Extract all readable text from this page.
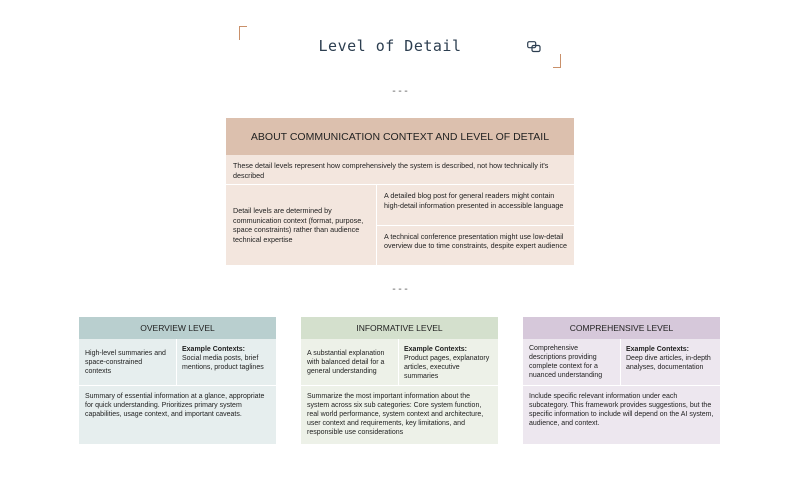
Level of Detail
---
ABOUT COMMUNICATION CONTEXT AND LEVEL OF DETAIL
These detail levels represent how comprehensively the system is described, not how technically it's described
Detail levels are determined by communication context (format, purpose, space constraints) rather than audience technical expertise
A detailed blog post for general readers might contain high-detail information presented in accessible language
A technical conference presentation might use low-detail overview due to time constraints, despite expert audience
---
OVERVIEW LEVEL
High-level summaries and space-constrained contexts
Example Contexts:
Social media posts, brief mentions, product taglines
Summary of essential information at a glance, appropriate for quick understanding. Prioritizes primary system capabilities, usage context, and important caveats.
INFORMATIVE LEVEL
A substantial explanation with balanced detail for a general understanding
Example Contexts:
Product pages, explanatory articles, executive summaries
Summarize the most important information about the system across six sub categories: Core system function, real world performance, system context and architecture, user context and requirements, key limitations, and responsible use considerations
COMPREHENSIVE LEVEL
Comprehensive descriptions providing complete context for a nuanced understanding
Example Contexts:
Deep dive articles, in-depth analyses, documentation
Include specific relevant information under each subcategory. This framework provides suggestions, but the specific information to include will depend on the AI system, audience, and context.
